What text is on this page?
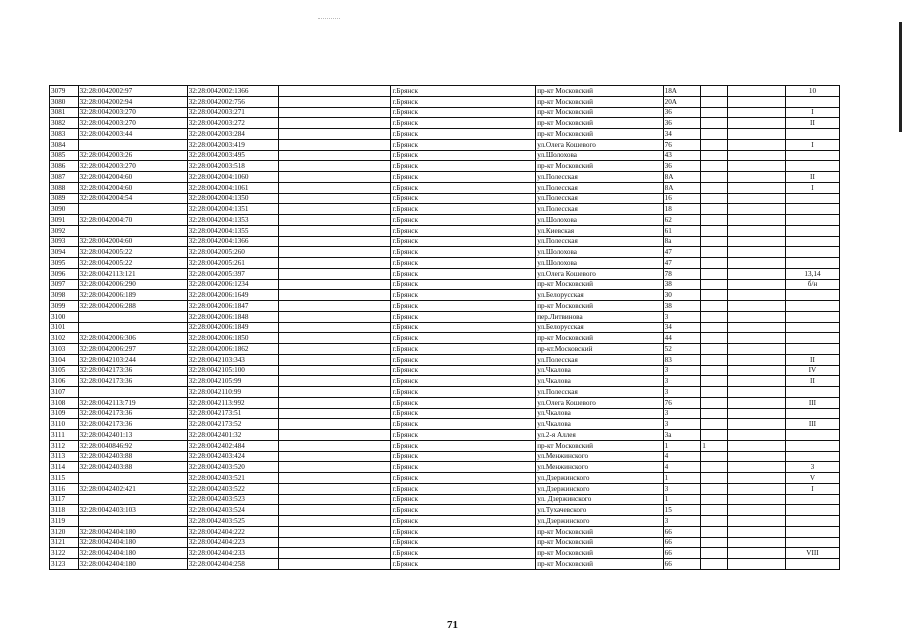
3079	32:28:0042002:97	32:28:0042002:1366		г.Брянск	пр-кт Московский	18А			10
3080	32:28:0042002:94	32:28:0042002:756		г.Брянск	пр-кт Московский	20А			
3081	32:28:0042003:270	32:28:0042003:271		г.Брянск	пр-кт Московский	36			I
3082	32:28:0042003:270	32:28:0042003:272		г.Брянск	пр-кт Московский	36			II
3083	32:28:0042003:44	32:28:0042003:284		г.Брянск	пр-кт Московский	34			
3084		32:28:0042003:419		г.Брянск	ул.Олега Кошевого	76			I
3085	32:28:0042003:26	32:28:0042003:495		г.Брянск	ул.Шолохова	43			
3086	32:28:0042003:270	32:28:0042003:518		г.Брянск	пр-кт Московский	36			
3087	32:28:0042004:60	32:28:0042004:1060		г.Брянск	ул.Полесская	8А			II
3088	32:28:0042004:60	32:28:0042004:1061		г.Брянск	ул.Полесская	8А			I
3089	32:28:0042004:54	32:28:0042004:1350		г.Брянск	ул.Полесская	16			
3090		32:28:0042004:1351		г.Брянск	ул.Полесская	18			
3091	32:28:0042004:70	32:28:0042004:1353		г.Брянск	ул.Шолохова	62			
3092		32:28:0042004:1355		г.Брянск	ул.Киевская	61			
3093	32:28:0042004:60	32:28:0042004:1366		г.Брянск	ул.Полесская	8а			
3094	32:28:0042005:22	32:28:0042005:260		г.Брянск	ул.Шолохова	47			
3095	32:28:0042005:22	32:28:0042005:261		г.Брянск	ул.Шолохова	47			
3096	32:28:0042113:121	32:28:0042005:397		г.Брянск	ул.Олега Кошевого	78			13,14
3097	32:28:0042006:290	32:28:0042006:1234		г.Брянск	пр-кт Московский	38			б/н
3098	32:28:0042006:189	32:28:0042006:1649		г.Брянск	ул.Белорусская	30			
3099	32:28:0042006:288	32:28:0042006:1847		г.Брянск	пр-кт Московский	38			
3100		32:28:0042006:1848		г.Брянск	пер.Литвинова	3			
3101		32:28:0042006:1849		г.Брянск	ул.Белорусская	34			
3102	32:28:0042006:306	32:28:0042006:1850		г.Брянск	пр-кт Московский	44			
3103	32:28:0042006:297	32:28:0042006:1862		г.Брянск	пр-кт.Московский	52			
3104	32:28:0042103:244	32:28:0042103:343		г.Брянск	ул.Полесская	83			II
3105	32:28:0042173:36	32:28:0042105:100		г.Брянск	ул.Чкалова	3			IV
3106	32:28:0042173:36	32:28:0042105:99		г.Брянск	ул.Чкалова	3			II
3107		32:28:0042110:99		г.Брянск	ул.Полесская	3			
3108	32:28:0042113:719	32:28:0042113:992		г.Брянск	ул.Олега Кошевого	76			III
3109	32:28:0042173:36	32:28:0042173:51		г.Брянск	ул.Чкалова	3			
3110	32:28:0042173:36	32:28:0042173:52		г.Брянск	ул.Чкалова	3			III
3111	32:28:0042401:13	32:28:0042401:32		г.Брянск	ул.2-я Аллея	3а			
3112	32:28:0040846:92	32:28:0042402:484		г.Брянск	пр-кт Московский	1	1		
3113	32:28:0042403:88	32:28:0042403:424		г.Брянск	ул.Менжинского	4			
3114	32:28:0042403:88	32:28:0042403:520		г.Брянск	ул.Менжинского	4			3
3115		32:28:0042403:521		г.Брянск	ул.Дзержинского	1			V
3116	32:28:0042402:421	32:28:0042403:522		г.Брянск	ул.Дзержинского	3			I
3117		32:28:0042403:523		г.Брянск	ул. Дзержинского	1			
3118	32:28:0042403:103	32:28:0042403:524		г.Брянск	ул.Тухачевского	15			
3119		32:28:0042403:525		г.Брянск	ул.Дзержинского	3			
3120	32:28:0042404:180	32:28:0042404:222		г.Брянск	пр-кт Московский	66			
3121	32:28:0042404:180	32:28:0042404:223		г.Брянск	пр-кт Московский	66			
3122	32:28:0042404:180	32:28:0042404:233		г.Брянск	пр-кт Московский	66			VIII
3123	32:28:0042404:180	32:28:0042404:258		г.Брянск	пр-кт Московский	66			
71
